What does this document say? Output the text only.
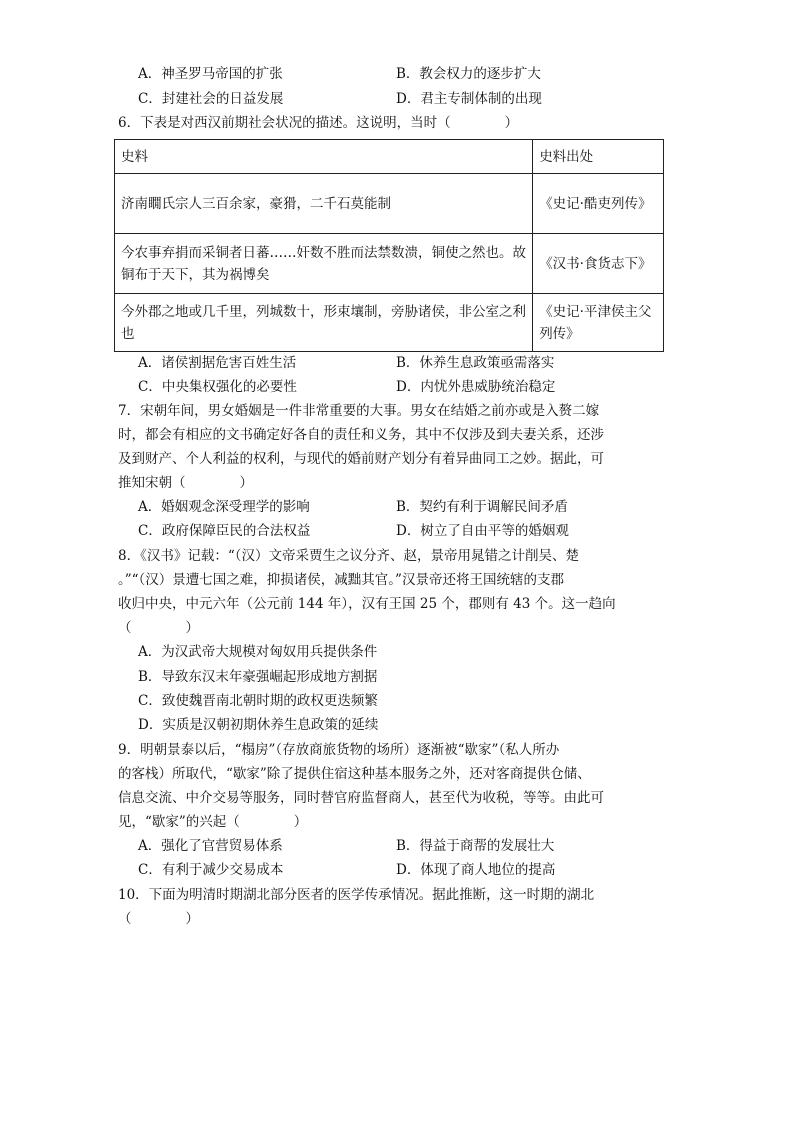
A．神圣罗马帝国的扩张	B．教会权力的逐步扩大
C．封建社会的日益发展	D．君主专制体制的出现
6．下表是对西汉前期社会状况的描述。这说明，当时（　　　　）
史料	史料出处
济南瞯氏宗人三百余家，豪猾，二千石莫能制	《史记·酷吏列传》
今农事弃捐而采铜者日蕃……奸数不胜而法禁数溃，铜使之然也。故铜布于天下，其为祸博矣	《汉书·食货志下》
今外郡之地或几千里，列城数十，形束壤制，旁胁诸侯，非公室之利也	《史记·平津侯主父列传》
A．诸侯割据危害百姓生活	B．休养生息政策亟需落实
C．中央集权强化的必要性	D．内忧外患威胁统治稳定
7．宋朝年间，男女婚姻是一件非常重要的大事。男女在结婚之前亦或是入赘二嫁
时，都会有相应的文书确定好各自的责任和义务，其中不仅涉及到夫妻关系，还涉
及到财产、个人利益的权利，与现代的婚前财产划分有着异曲同工之妙。据此，可
推知宋朝（　　　　）
A．婚姻观念深受理学的影响	B．契约有利于调解民间矛盾
C．政府保障臣民的合法权益	D．树立了自由平等的婚姻观
8．《汉书》记载：“（汉）文帝采贾生之议分齐、赵，景帝用晁错之计削吴、楚
。”“（汉）景遭七国之难，抑损诸侯，减黜其官。”汉景帝还将王国统辖的支郡
收归中央，中元六年（公元前 144 年），汉有王国 25 个，郡则有 43 个。这一趋向
（　　　　）
A．为汉武帝大规模对匈奴用兵提供条件
B．导致东汉末年豪强崛起形成地方割据
C．致使魏晋南北朝时期的政权更迭频繁
D．实质是汉朝初期休养生息政策的延续
9．明朝景泰以后，“榻房”（存放商旅货物的场所）逐渐被“歇家”（私人所办
的客栈）所取代，“歇家”除了提供住宿这种基本服务之外，还对客商提供仓储、
信息交流、中介交易等服务，同时替官府监督商人，甚至代为收税，等等。由此可
见，“歇家”的兴起（　　　　）
A．强化了官营贸易体系	B．得益于商帮的发展壮大
C．有利于减少交易成本	D．体现了商人地位的提高
10．下面为明清时期湖北部分医者的医学传承情况。据此推断，这一时期的湖北
（　　　　）
